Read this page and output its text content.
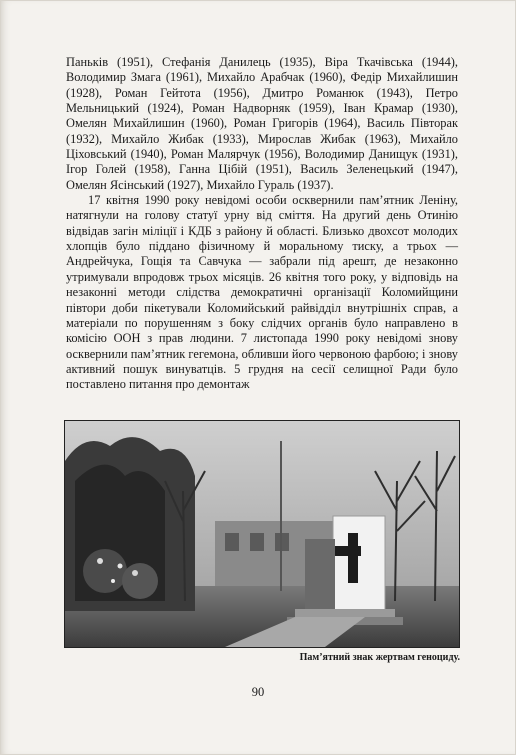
Паньків (1951), Стефанія Данилець (1935), Віра Ткачівська (1944), Володимир Змага (1961), Михайло Арабчак (1960), Федір Михайлишин (1928), Роман Гейтота (1956), Дмитро Романюк (1943), Петро Мельницький (1924), Роман Надворняк (1959), Іван Крамар (1930), Омелян Михайлишин (1960), Роман Григорів (1964), Василь Півторак (1932), Михайло Жибак (1933), Мирослав Жибак (1963), Михайло Ціховський (1940), Роман Малярчук (1956), Володимир Данищук (1931), Ігор Голей (1958), Ганна Цібій (1951), Василь Зеленецький (1947), Омелян Ясінський (1927), Михайло Гураль (1937).

17 квітня 1990 року невідомі особи осквернили пам’ятник Леніну, натягнули на голову статуї урну від сміття. На другий день Отинію відвідав загін міліції і КДБ з району й області. Близько двохсот молодих хлопців було піддано фізичному й моральному тиску, а трьох — Андрейчука, Гощія та Савчука — забрали під арешт, де незаконно утримували впродовж трьох місяців. 26 квітня того року, у відповідь на незаконні методи слідства демократичні організації Коломийщини півтори доби пікетували Коломийський райвідділ внутрішніх справ, а матеріали по порушенням з боку слідчих органів було направлено в комісію ООН з прав людини. 7 листопада 1990 року невідомі знову осквернили пам’ятник гегемона, обливши його червоною фарбою; і знову активний пошук винуватців. 5 грудня на сесії селищної Ради було поставлено питання про демонтаж

Пам’ятний знак жертвам геноциду.
90
